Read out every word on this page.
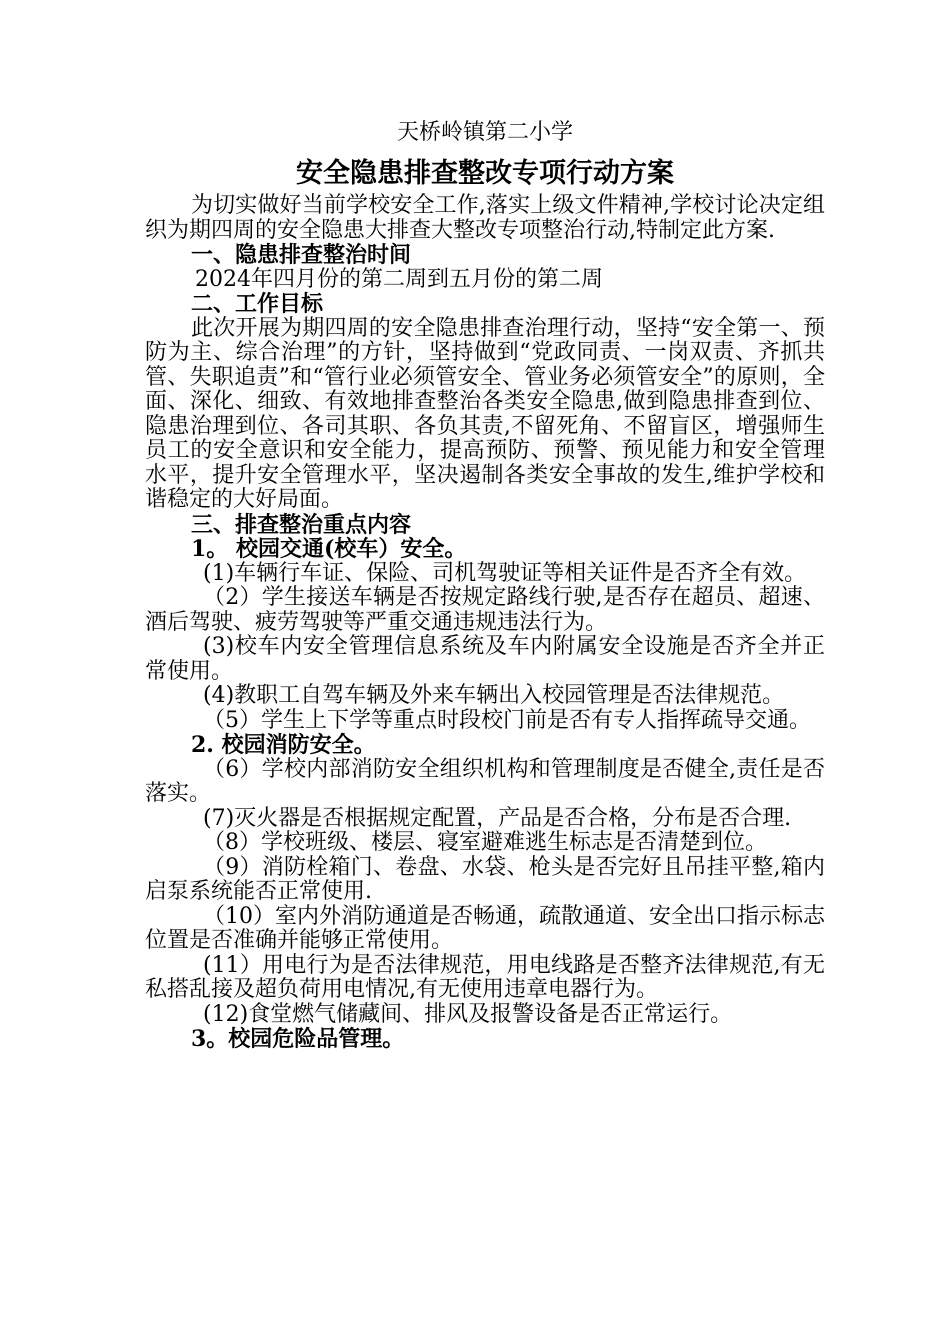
天桥岭镇第二小学
安全隐患排查整改专项行动方案

为切实做好当前学校安全工作,落实上级文件精神,学校讨论决定组织为期四周的安全隐患大排查大整改专项整治行动,特制定此方案.

一、隐患排查整治时间

2024年四月份的第二周到五月份的第二周

二、工作目标

此次开展为期四周的安全隐患排查治理行动，坚持“安全第一、预防为主、综合治理”的方针，坚持做到“党政同责、一岗双责、齐抓共管、失职追责”和“管行业必须管安全、管业务必须管安全”的原则，全面、深化、细致、有效地排查整治各类安全隐患,做到隐患排查到位、隐患治理到位、各司其职、各负其责,不留死角、不留盲区，增强师生员工的安全意识和安全能力，提高预防、预警、预见能力和安全管理水平，提升安全管理水平，坚决遏制各类安全事故的发生,维护学校和谐稳定的大好局面。

三、排查整治重点内容

1。 校园交通(校车）安全。

(1)车辆行车证、保险、司机驾驶证等相关证件是否齐全有效。

（2）学生接送车辆是否按规定路线行驶,是否存在超员、超速、酒后驾驶、疲劳驾驶等严重交通违规违法行为。

(3)校车内安全管理信息系统及车内附属安全设施是否齐全并正常使用。

(4)教职工自驾车辆及外来车辆出入校园管理是否法律规范。

（5）学生上下学等重点时段校门前是否有专人指挥疏导交通。

2. 校园消防安全。

（6）学校内部消防安全组织机构和管理制度是否健全,责任是否落实。

(7)灭火器是否根据规定配置，产品是否合格，分布是否合理.

（8）学校班级、楼层、寝室避难逃生标志是否清楚到位。

（9）消防栓箱门、卷盘、水袋、枪头是否完好且吊挂平整,箱内启泵系统能否正常使用.

（10）室内外消防通道是否畅通，疏散通道、安全出口指示标志位置是否准确并能够正常使用。

(11）用电行为是否法律规范，用电线路是否整齐法律规范,有无私搭乱接及超负荷用电情况,有无使用违章电器行为。

(12)食堂燃气储藏间、排风及报警设备是否正常运行。

3。校园危险品管理。
